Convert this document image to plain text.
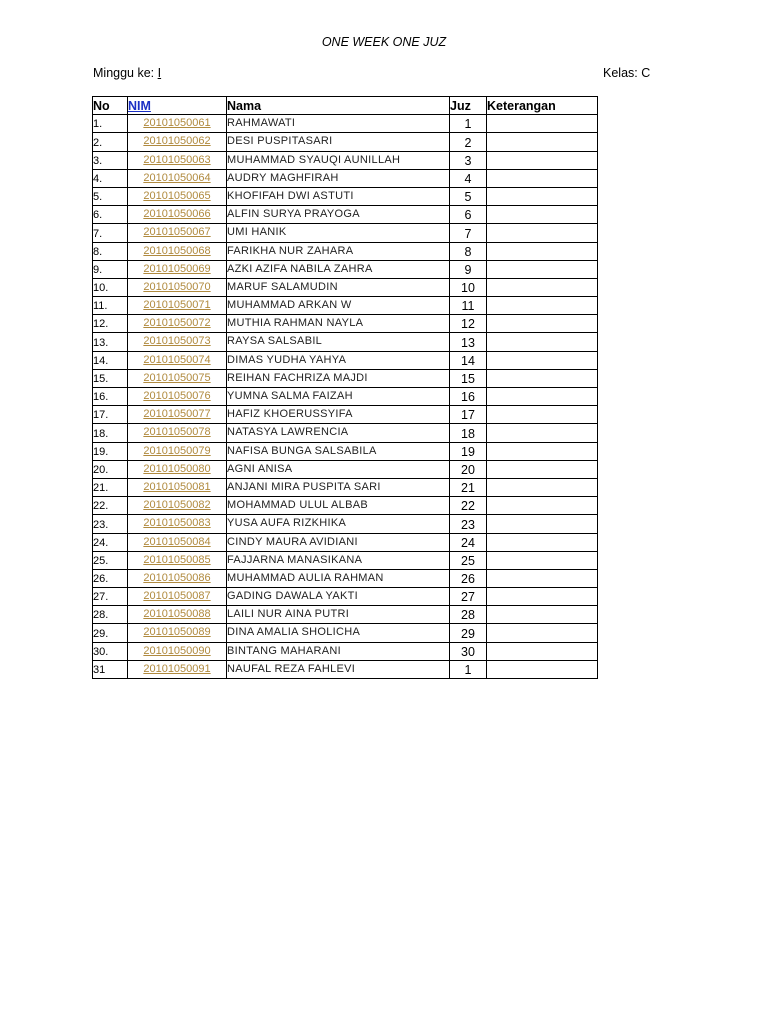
ONE WEEK ONE JUZ
Minggu ke: I	Kelas: C
No	NIM	Nama	Juz	Keterangan
1.	20101050061	RAHMAWATI	1	
2.	20101050062	DESI PUSPITASARI	2	
3.	20101050063	MUHAMMAD SYAUQI AUNILLAH	3	
4.	20101050064	AUDRY MAGHFIRAH	4	
5.	20101050065	KHOFIFAH DWI ASTUTI	5	
6.	20101050066	ALFIN SURYA PRAYOGA	6	
7.	20101050067	UMI HANIK	7	
8.	20101050068	FARIKHA NUR ZAHARA	8	
9.	20101050069	AZKI AZIFA NABILA ZAHRA	9	
10.	20101050070	MARUF SALAMUDIN	10	
11.	20101050071	MUHAMMAD ARKAN W	11	
12.	20101050072	MUTHIA RAHMAN NAYLA	12	
13.	20101050073	RAYSA SALSABIL	13	
14.	20101050074	DIMAS YUDHA YAHYA	14	
15.	20101050075	REIHAN FACHRIZA MAJDI	15	
16.	20101050076	YUMNA SALMA FAIZAH	16	
17.	20101050077	HAFIZ KHOERUSSYIFA	17	
18.	20101050078	NATASYA LAWRENCIA	18	
19.	20101050079	NAFISA BUNGA SALSABILA	19	
20.	20101050080	AGNI ANISA	20	
21.	20101050081	ANJANI MIRA PUSPITA SARI	21	
22.	20101050082	MOHAMMAD ULUL ALBAB	22	
23.	20101050083	YUSA AUFA RIZKHIKA	23	
24.	20101050084	CINDY MAURA AVIDIANI	24	
25.	20101050085	FAJJARNA MANASIKANA	25	
26.	20101050086	MUHAMMAD AULIA RAHMAN	26	
27.	20101050087	GADING DAWALA YAKTI	27	
28.	20101050088	LAILI NUR AINA PUTRI	28	
29.	20101050089	DINA AMALIA SHOLICHA	29	
30.	20101050090	BINTANG MAHARANI	30	
31	20101050091	NAUFAL REZA FAHLEVI	1	
